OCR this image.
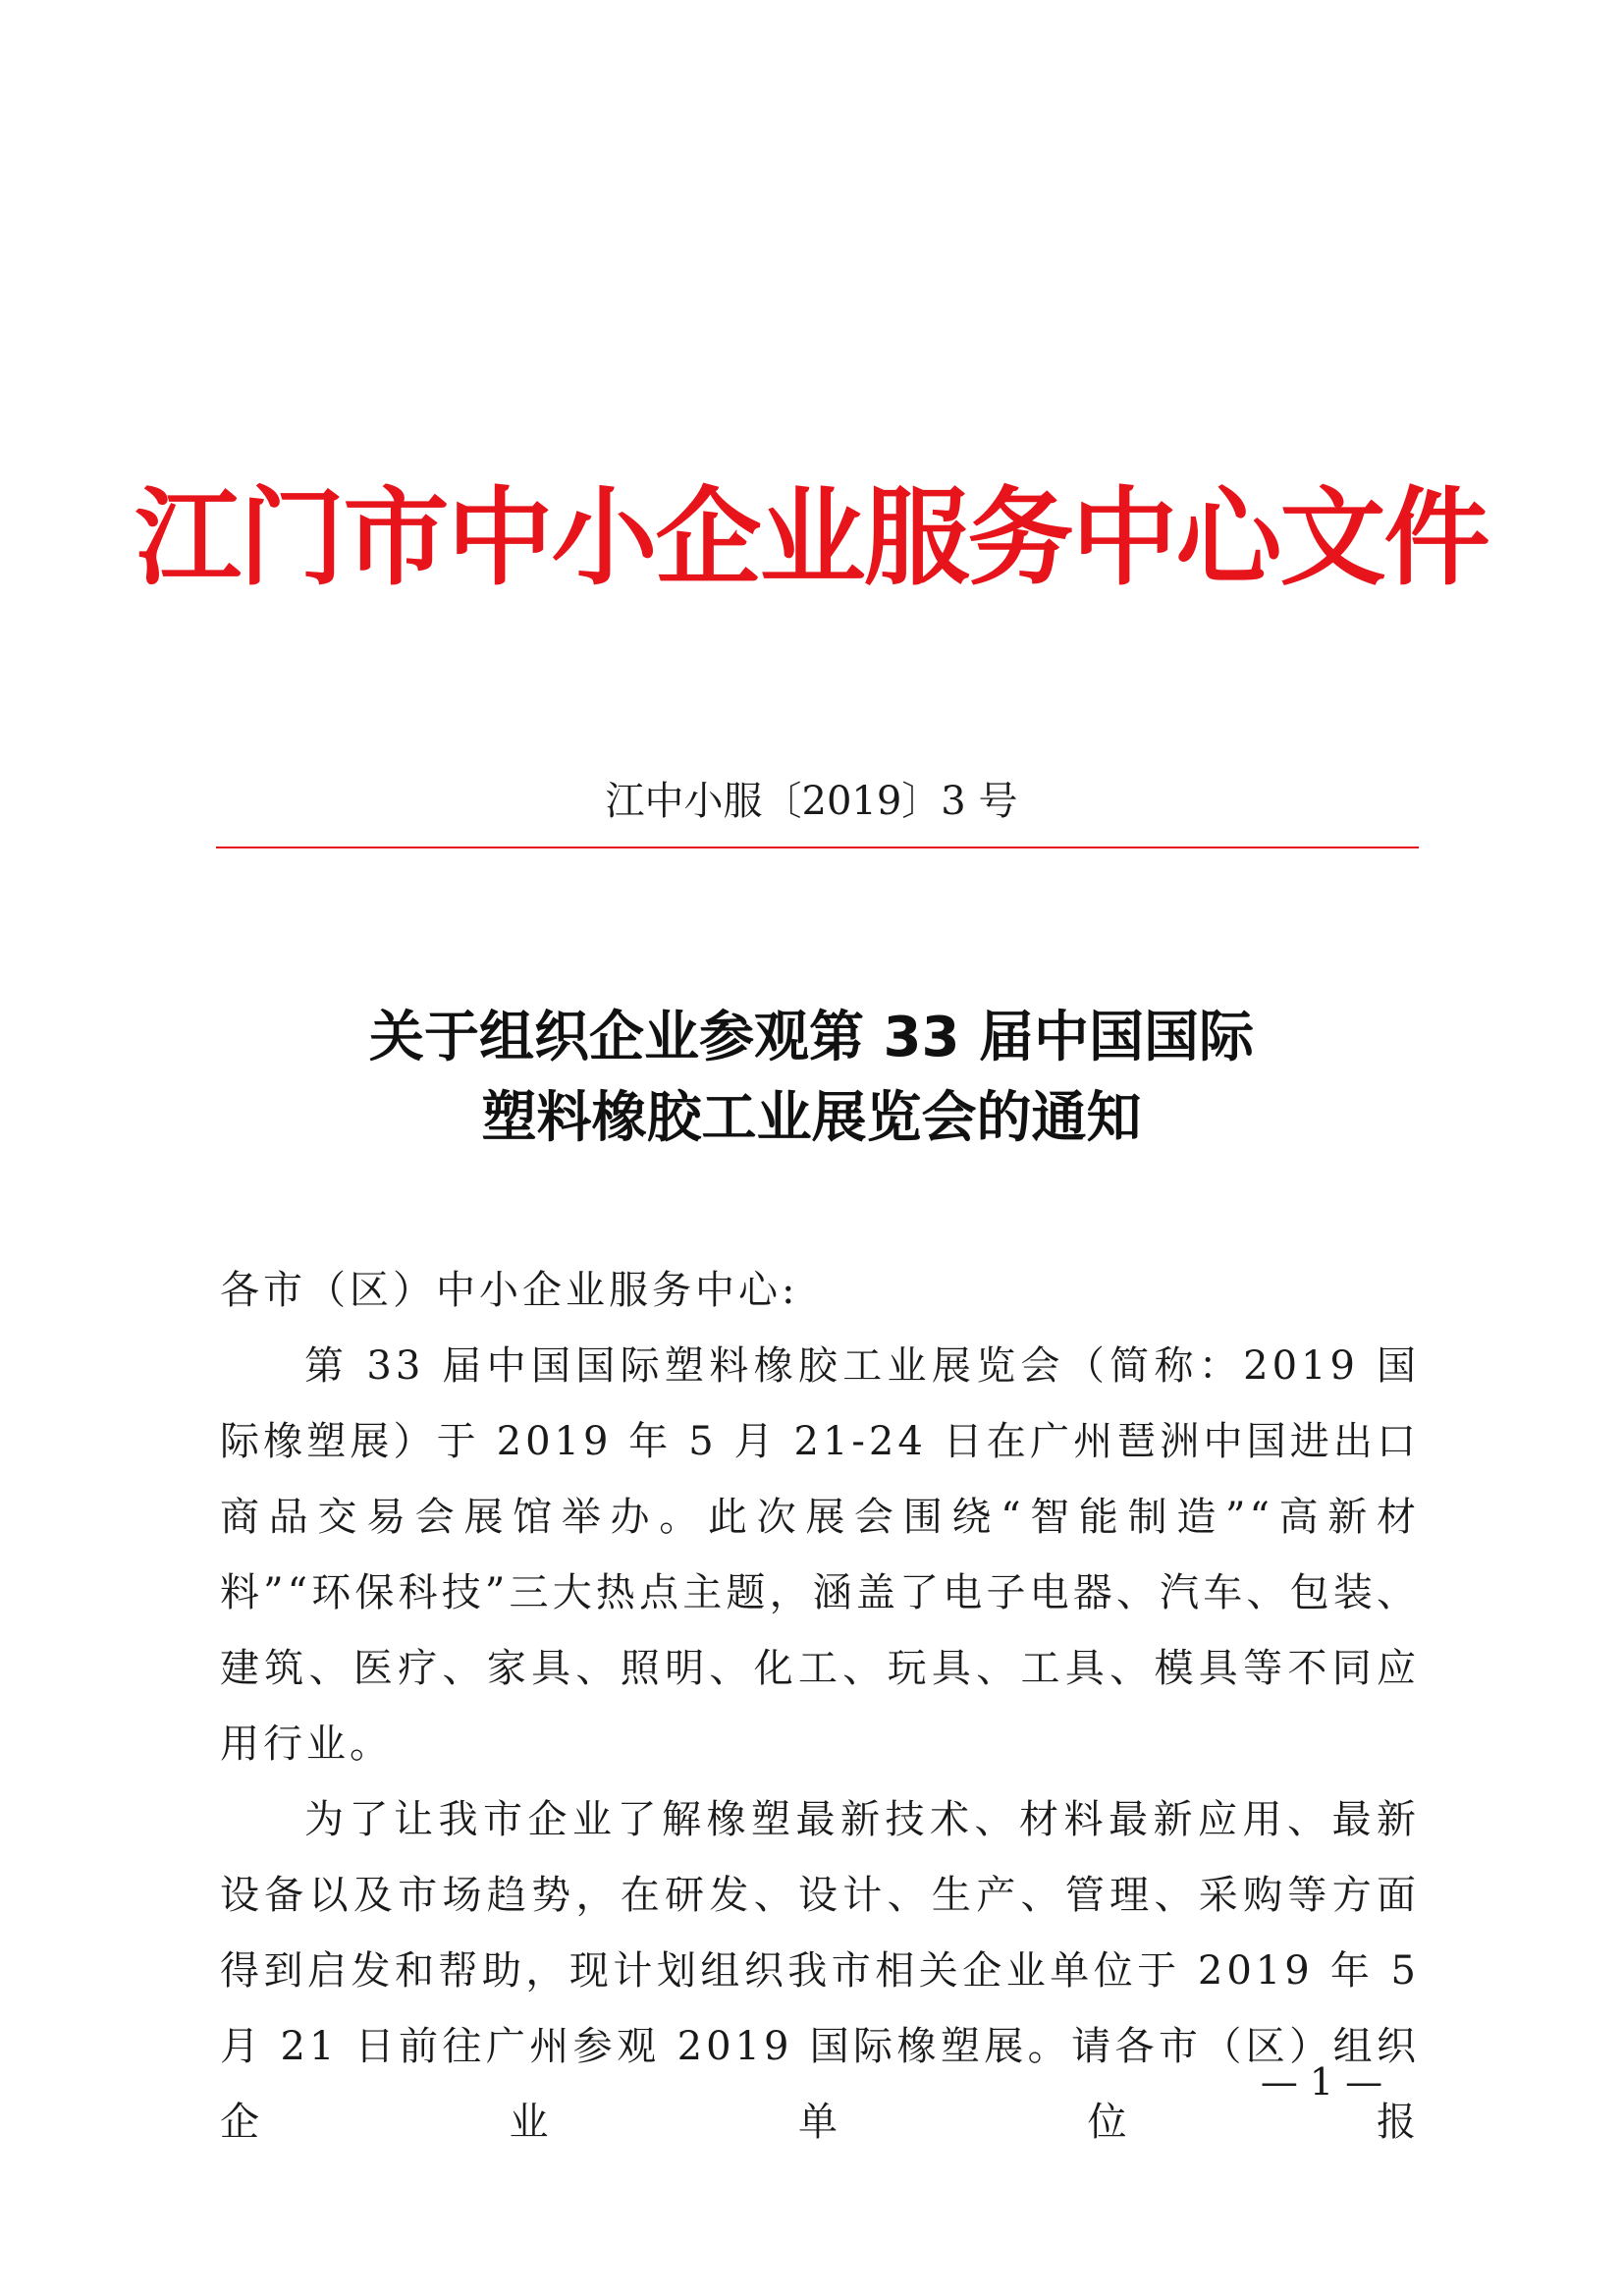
江门市中小企业服务中心文件
江中小服〔2019〕3 号
关于组织企业参观第 33 届中国国际
塑料橡胶工业展览会的通知
各市（区）中小企业服务中心:
第 33 届中国国际塑料橡胶工业展览会（简称：2019 国际橡塑展）于 2019 年 5 月 21-24 日在广州琶洲中国进出口商品交易会展馆举办。此次展会围绕“智能制造”“高新材料”“环保科技”三大热点主题，涵盖了电子电器、汽车、包装、建筑、医疗、家具、照明、化工、玩具、工具、模具等不同应用行业。
为了让我市企业了解橡塑最新技术、材料最新应用、最新设备以及市场趋势，在研发、设计、生产、管理、采购等方面得到启发和帮助，现计划组织我市相关企业单位于 2019 年 5 月 21 日前往广州参观 2019 国际橡塑展。请各市（区）组织企业单位报
— 1 —
